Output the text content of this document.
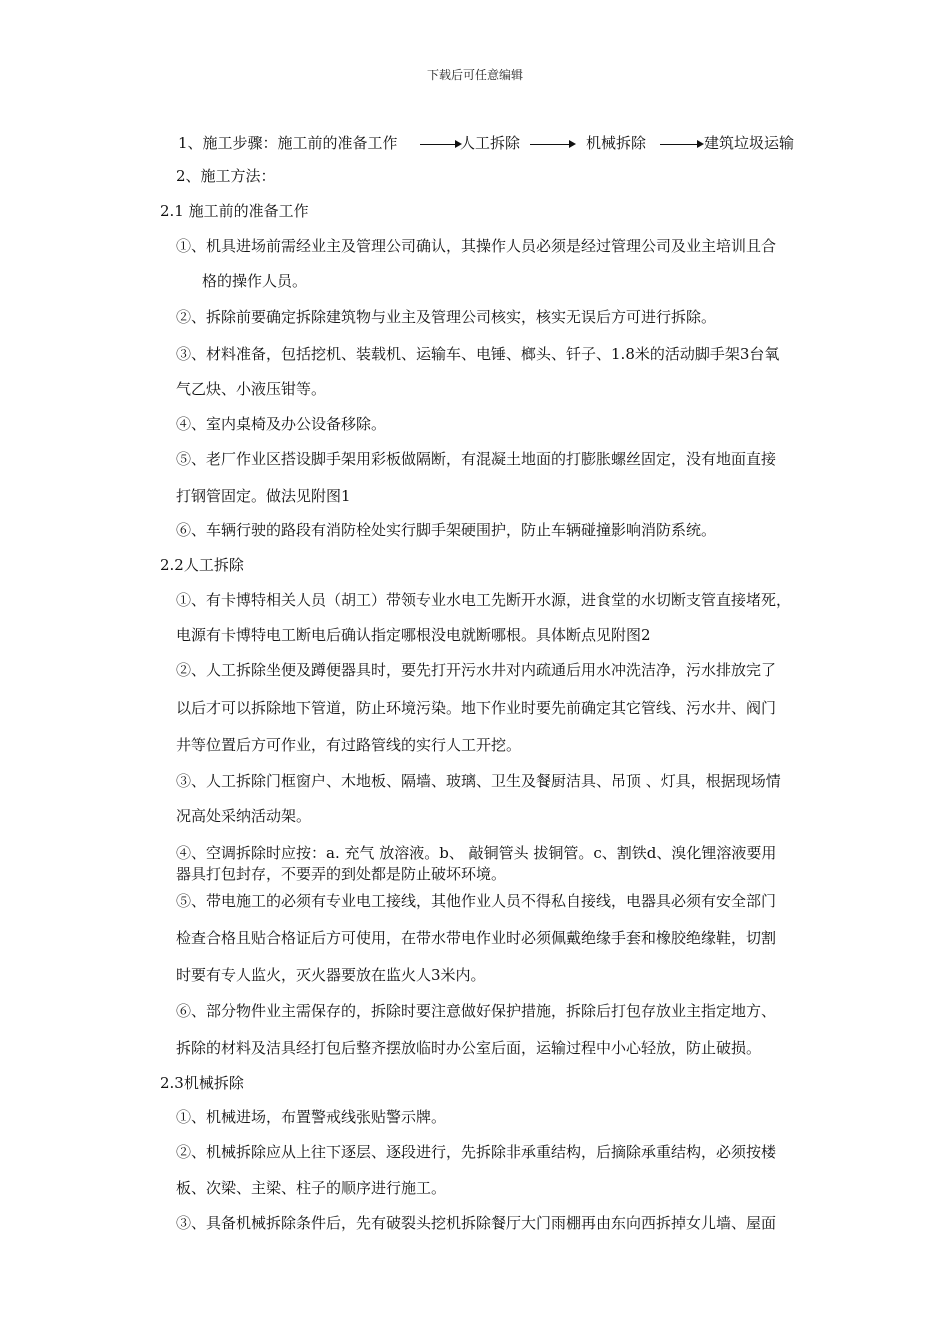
下载后可任意编辑
1、施工步骤：施工前的准备工作	人工拆除	机械拆除	建筑垃圾运输
2、施工方法：
2.1 施工前的准备工作
①、机具进场前需经业主及管理公司确认，其操作人员必须是经过管理公司及业主培训且合
格的操作人员。
②、拆除前要确定拆除建筑物与业主及管理公司核实，核实无误后方可进行拆除。
③、材料准备，包括挖机、装载机、运输车、电锤、榔头、钎子、1.8米的活动脚手架3台氧
气乙炔、小液压钳等。
④、室内桌椅及办公设备移除。
⑤、老厂作业区搭设脚手架用彩板做隔断，有混凝土地面的打膨胀螺丝固定，没有地面直接
打钢管固定。做法见附图1
⑥、车辆行驶的路段有消防栓处实行脚手架硬围护，防止车辆碰撞影响消防系统。
2.2人工拆除
①、有卡博特相关人员（胡工）带领专业水电工先断开水源，进食堂的水切断支管直接堵死，
电源有卡博特电工断电后确认指定哪根没电就断哪根。具体断点见附图2
②、人工拆除坐便及蹲便器具时，要先打开污水井对内疏通后用水冲洗洁净，污水排放完了
以后才可以拆除地下管道，防止环境污染。地下作业时要先前确定其它管线、污水井、阀门
井等位置后方可作业，有过路管线的实行人工开挖。
③、人工拆除门框窗户、木地板、隔墙、玻璃、卫生及餐厨洁具、吊顶 、灯具，根据现场情
况高处采纳活动架。
④、空调拆除时应按：a. 充气 放溶液。b、 敲铜管头 拔铜管。c、割铁d、溴化锂溶液要用
器具打包封存，不要弄的到处都是防止破坏环境。
⑤、带电施工的必须有专业电工接线，其他作业人员不得私自接线，电器具必须有安全部门
检查合格且贴合格证后方可使用，在带水带电作业时必须佩戴绝缘手套和橡胶绝缘鞋，切割
时要有专人监火，灭火器要放在监火人3米内。
⑥、部分物件业主需保存的，拆除时要注意做好保护措施，拆除后打包存放业主指定地方、
拆除的材料及洁具经打包后整齐摆放临时办公室后面，运输过程中小心轻放，防止破损。
2.3机械拆除
①、机械进场，布置警戒线张贴警示牌。
②、机械拆除应从上往下逐层、逐段进行，先拆除非承重结构，后摘除承重结构，必须按楼
板、次梁、主梁、柱子的顺序进行施工。
③、具备机械拆除条件后，先有破裂头挖机拆除餐厅大门雨棚再由东向西拆掉女儿墙、屋面
